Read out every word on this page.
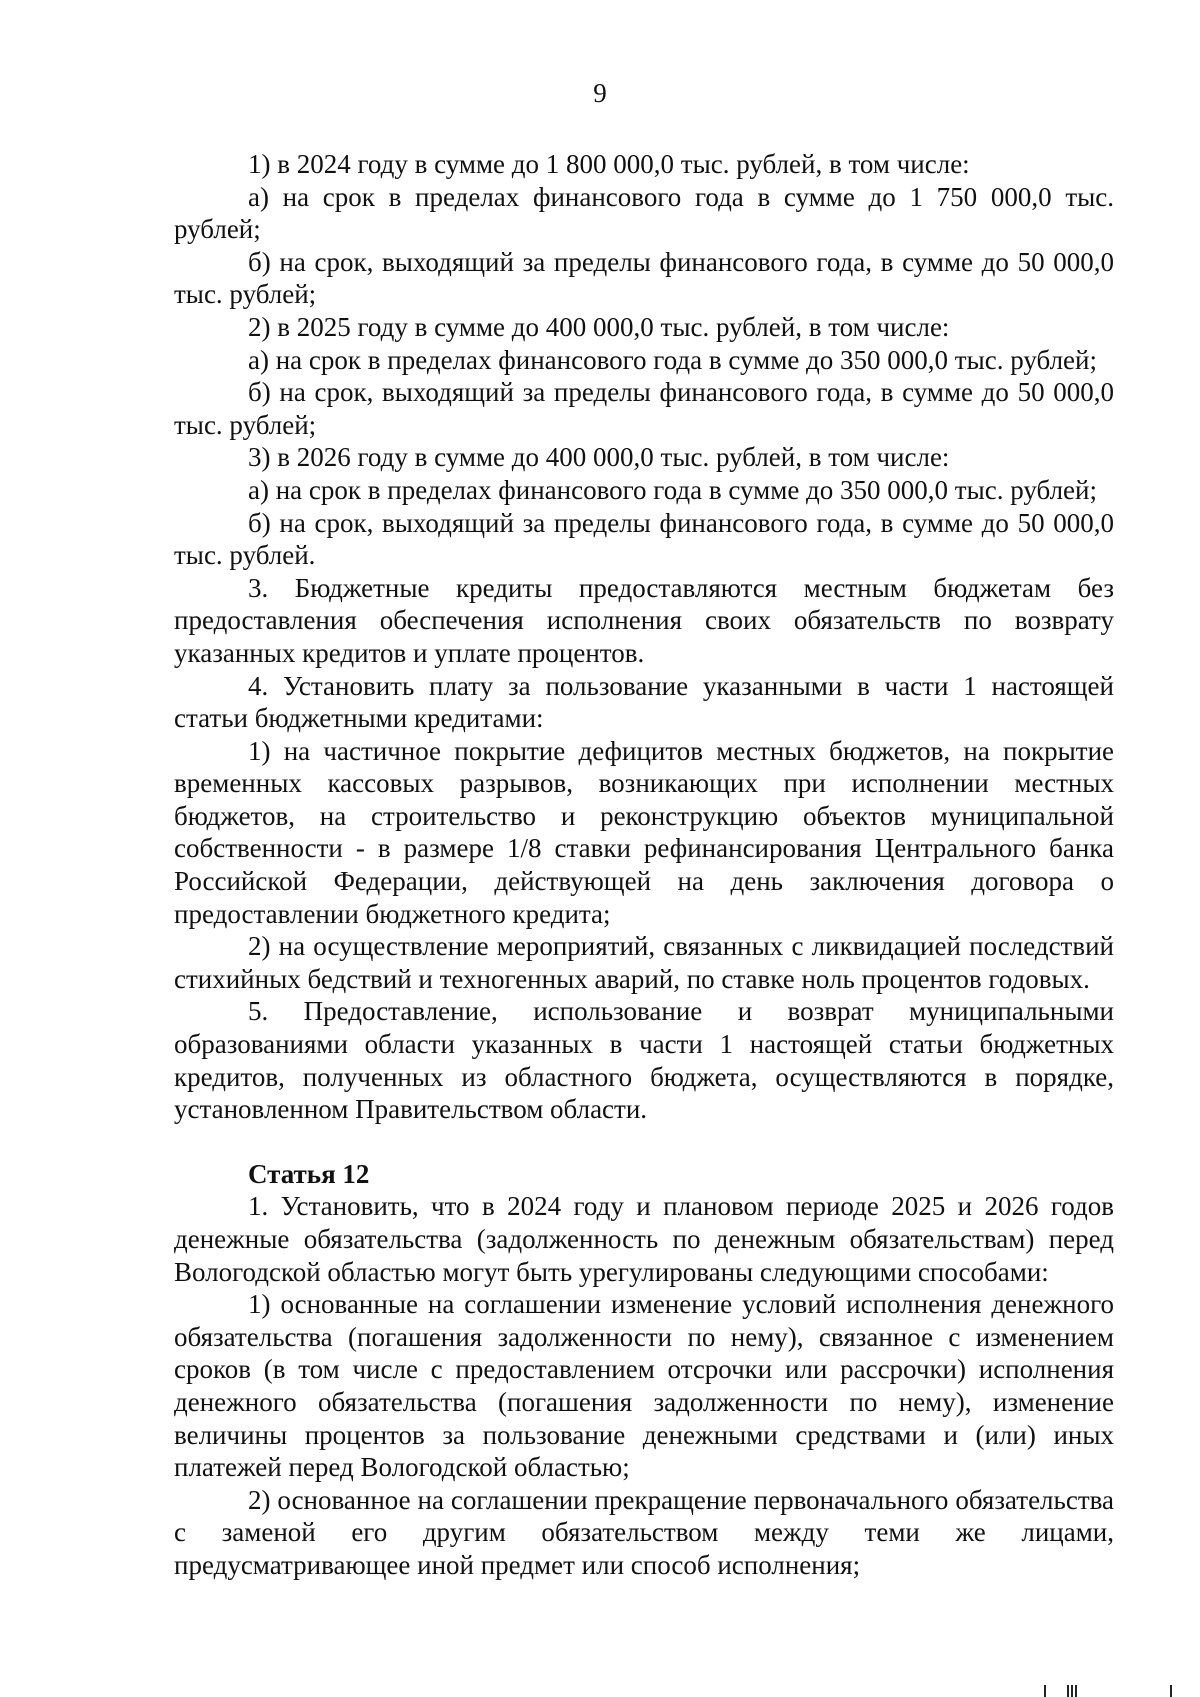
9

1) в 2024 году в сумме до 1 800 000,0 тыс. рублей, в том числе:

а) на срок в пределах финансового года в сумме до 1 750 000,0 тыс. рублей;

б) на срок, выходящий за пределы финансового года, в сумме до 50 000,0 тыс. рублей;

2) в 2025 году в сумме до 400 000,0 тыс. рублей, в том числе:

а) на срок в пределах финансового года в сумме до 350 000,0 тыс. рублей;

б) на срок, выходящий за пределы финансового года, в сумме до 50 000,0 тыс. рублей;

3) в 2026 году в сумме до 400 000,0 тыс. рублей, в том числе:

а) на срок в пределах финансового года в сумме до 350 000,0 тыс. рублей;

б) на срок, выходящий за пределы финансового года, в сумме до 50 000,0 тыс. рублей.

3. Бюджетные кредиты предоставляются местным бюджетам без предоставления обеспечения исполнения своих обязательств по возврату указанных кредитов и уплате процентов.

4. Установить плату за пользование указанными в части 1 настоящей статьи бюджетными кредитами:

1) на частичное покрытие дефицитов местных бюджетов, на покрытие временных кассовых разрывов, возникающих при исполнении местных бюджетов, на строительство и реконструкцию объектов муниципальной собственности - в размере 1/8 ставки рефинансирования Центрального банка Российской Федерации, действующей на день заключения договора о предоставлении бюджетного кредита;

2) на осуществление мероприятий, связанных с ликвидацией последствий стихийных бедствий и техногенных аварий, по ставке ноль процентов годовых.

5. Предоставление, использование и возврат муниципальными образованиями области указанных в части 1 настоящей статьи бюджетных кредитов, полученных из областного бюджета, осуществляются в порядке, установленном Правительством области.

Статья 12

1. Установить, что в 2024 году и плановом периоде 2025 и 2026 годов денежные обязательства (задолженность по денежным обязательствам) перед Вологодской областью могут быть урегулированы следующими способами:

1) основанные на соглашении изменение условий исполнения денежного обязательства (погашения задолженности по нему), связанное с изменением сроков (в том числе с предоставлением отсрочки или рассрочки) исполнения денежного обязательства (погашения задолженности по нему), изменение величины процентов за пользование денежными средствами и (или) иных платежей перед Вологодской областью;

2) основанное на соглашении прекращение первоначального обязательства с заменой его другим обязательством между теми же лицами, предусматривающее иной предмет или способ исполнения;
